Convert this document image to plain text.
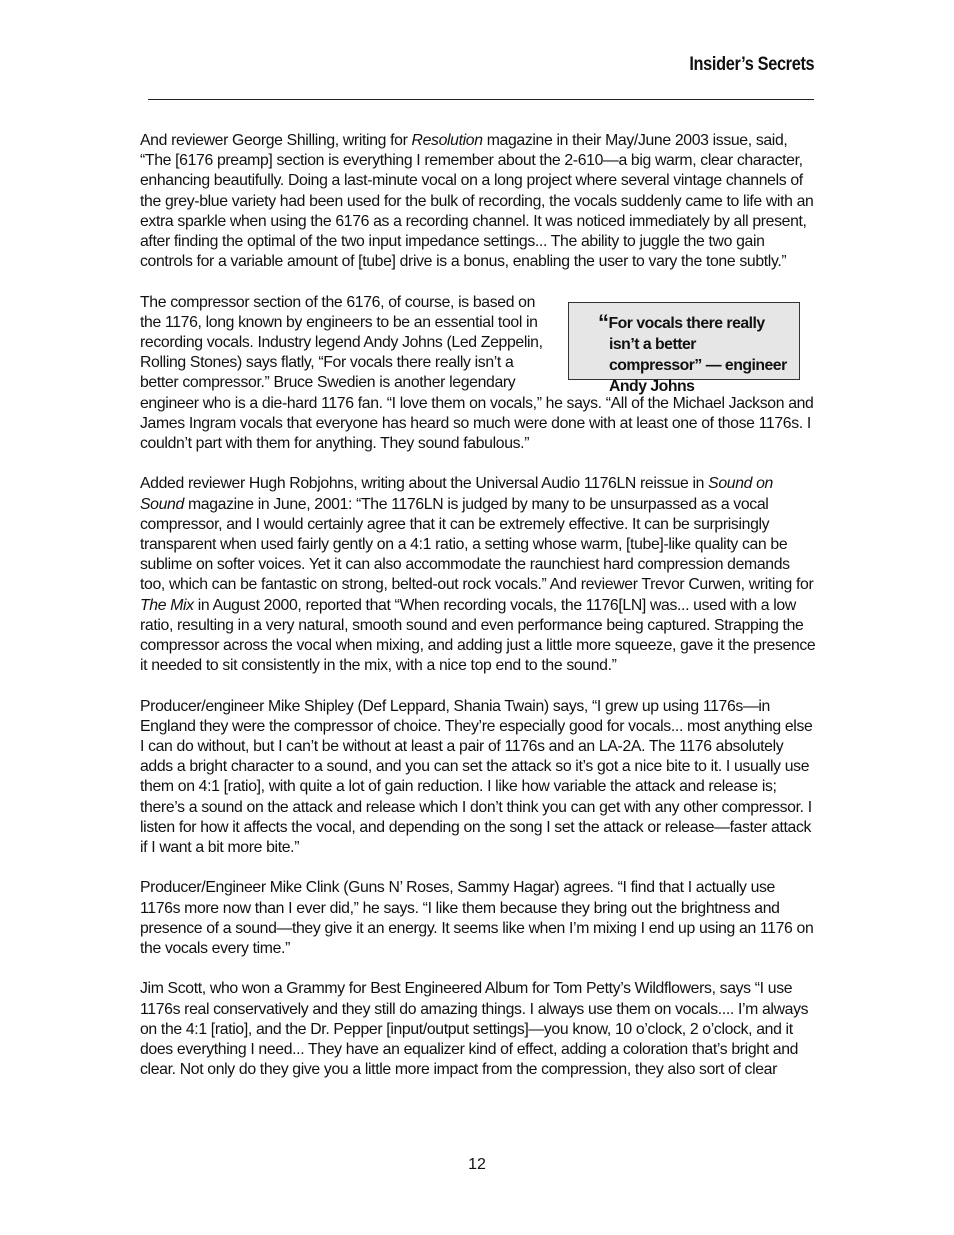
Insider’s Secrets

And reviewer George Shilling, writing for Resolution magazine in their May/June 2003 issue, said, “The [6176 preamp] section is everything I remember about the 2-610—a big warm, clear character, enhancing beautifully. Doing a last-minute vocal on a long project where several vintage channels of the grey-blue variety had been used for the bulk of recording, the vocals suddenly came to life with an extra sparkle when using the 6176 as a recording channel. It was noticed immediately by all present, after finding the optimal of the two input impedance settings... The ability to juggle the two gain controls for a variable amount of [tube] drive is a bonus, enabling the user to vary the tone subtly.”

“For vocals there really isn’t a better compressor” — engineer Andy Johns

The compressor section of the 6176, of course, is based on the 1176, long known by engineers to be an essential tool in recording vocals. Industry legend Andy Johns (Led Zeppelin, Rolling Stones) says flatly, “For vocals there really isn’t a better compressor.” Bruce Swedien is another legendary engineer who is a die-hard 1176 fan. “I love them on vocals,” he says. “All of the Michael Jackson and James Ingram vocals that everyone has heard so much were done with at least one of those 1176s. I couldn’t part with them for anything. They sound fabulous.”

Added reviewer Hugh Robjohns, writing about the Universal Audio 1176LN reissue in Sound on Sound magazine in June, 2001: “The 1176LN is judged by many to be unsurpassed as a vocal compressor, and I would certainly agree that it can be extremely effective. It can be surprisingly transparent when used fairly gently on a 4:1 ratio, a setting whose warm, [tube]-like quality can be sublime on softer voices. Yet it can also accommodate the raunchiest hard compression demands too, which can be fantastic on strong, belted-out rock vocals.” And reviewer Trevor Curwen, writing for The Mix in August 2000, reported that “When recording vocals, the 1176[LN] was... used with a low ratio, resulting in a very natural, smooth sound and even performance being captured. Strapping the compressor across the vocal when mixing, and adding just a little more squeeze, gave it the presence it needed to sit consistently in the mix, with a nice top end to the sound.”

Producer/engineer Mike Shipley (Def Leppard, Shania Twain) says, “I grew up using 1176s—in England they were the compressor of choice. They’re especially good for vocals... most anything else I can do without, but I can’t be without at least a pair of 1176s and an LA-2A. The 1176 absolutely adds a bright character to a sound, and you can set the attack so it’s got a nice bite to it. I usually use them on 4:1 [ratio], with quite a lot of gain reduction. I like how variable the attack and release is; there’s a sound on the attack and release which I don’t think you can get with any other compressor. I listen for how it affects the vocal, and depending on the song I set the attack or release—faster attack if I want a bit more bite.”

Producer/Engineer Mike Clink (Guns N’ Roses, Sammy Hagar) agrees. “I find that I actually use 1176s more now than I ever did,” he says. “I like them because they bring out the brightness and presence of a sound—they give it an energy. It seems like when I’m mixing I end up using an 1176 on the vocals every time.”

Jim Scott, who won a Grammy for Best Engineered Album for Tom Petty’s Wildflowers, says “I use 1176s real conservatively and they still do amazing things. I always use them on vocals.... I’m always on the 4:1 [ratio], and the Dr. Pepper [input/output settings]—you know, 10 o’clock, 2 o’clock, and it does everything I need... They have an equalizer kind of effect, adding a coloration that’s bright and clear. Not only do they give you a little more impact from the compression, they also sort of clear

12
